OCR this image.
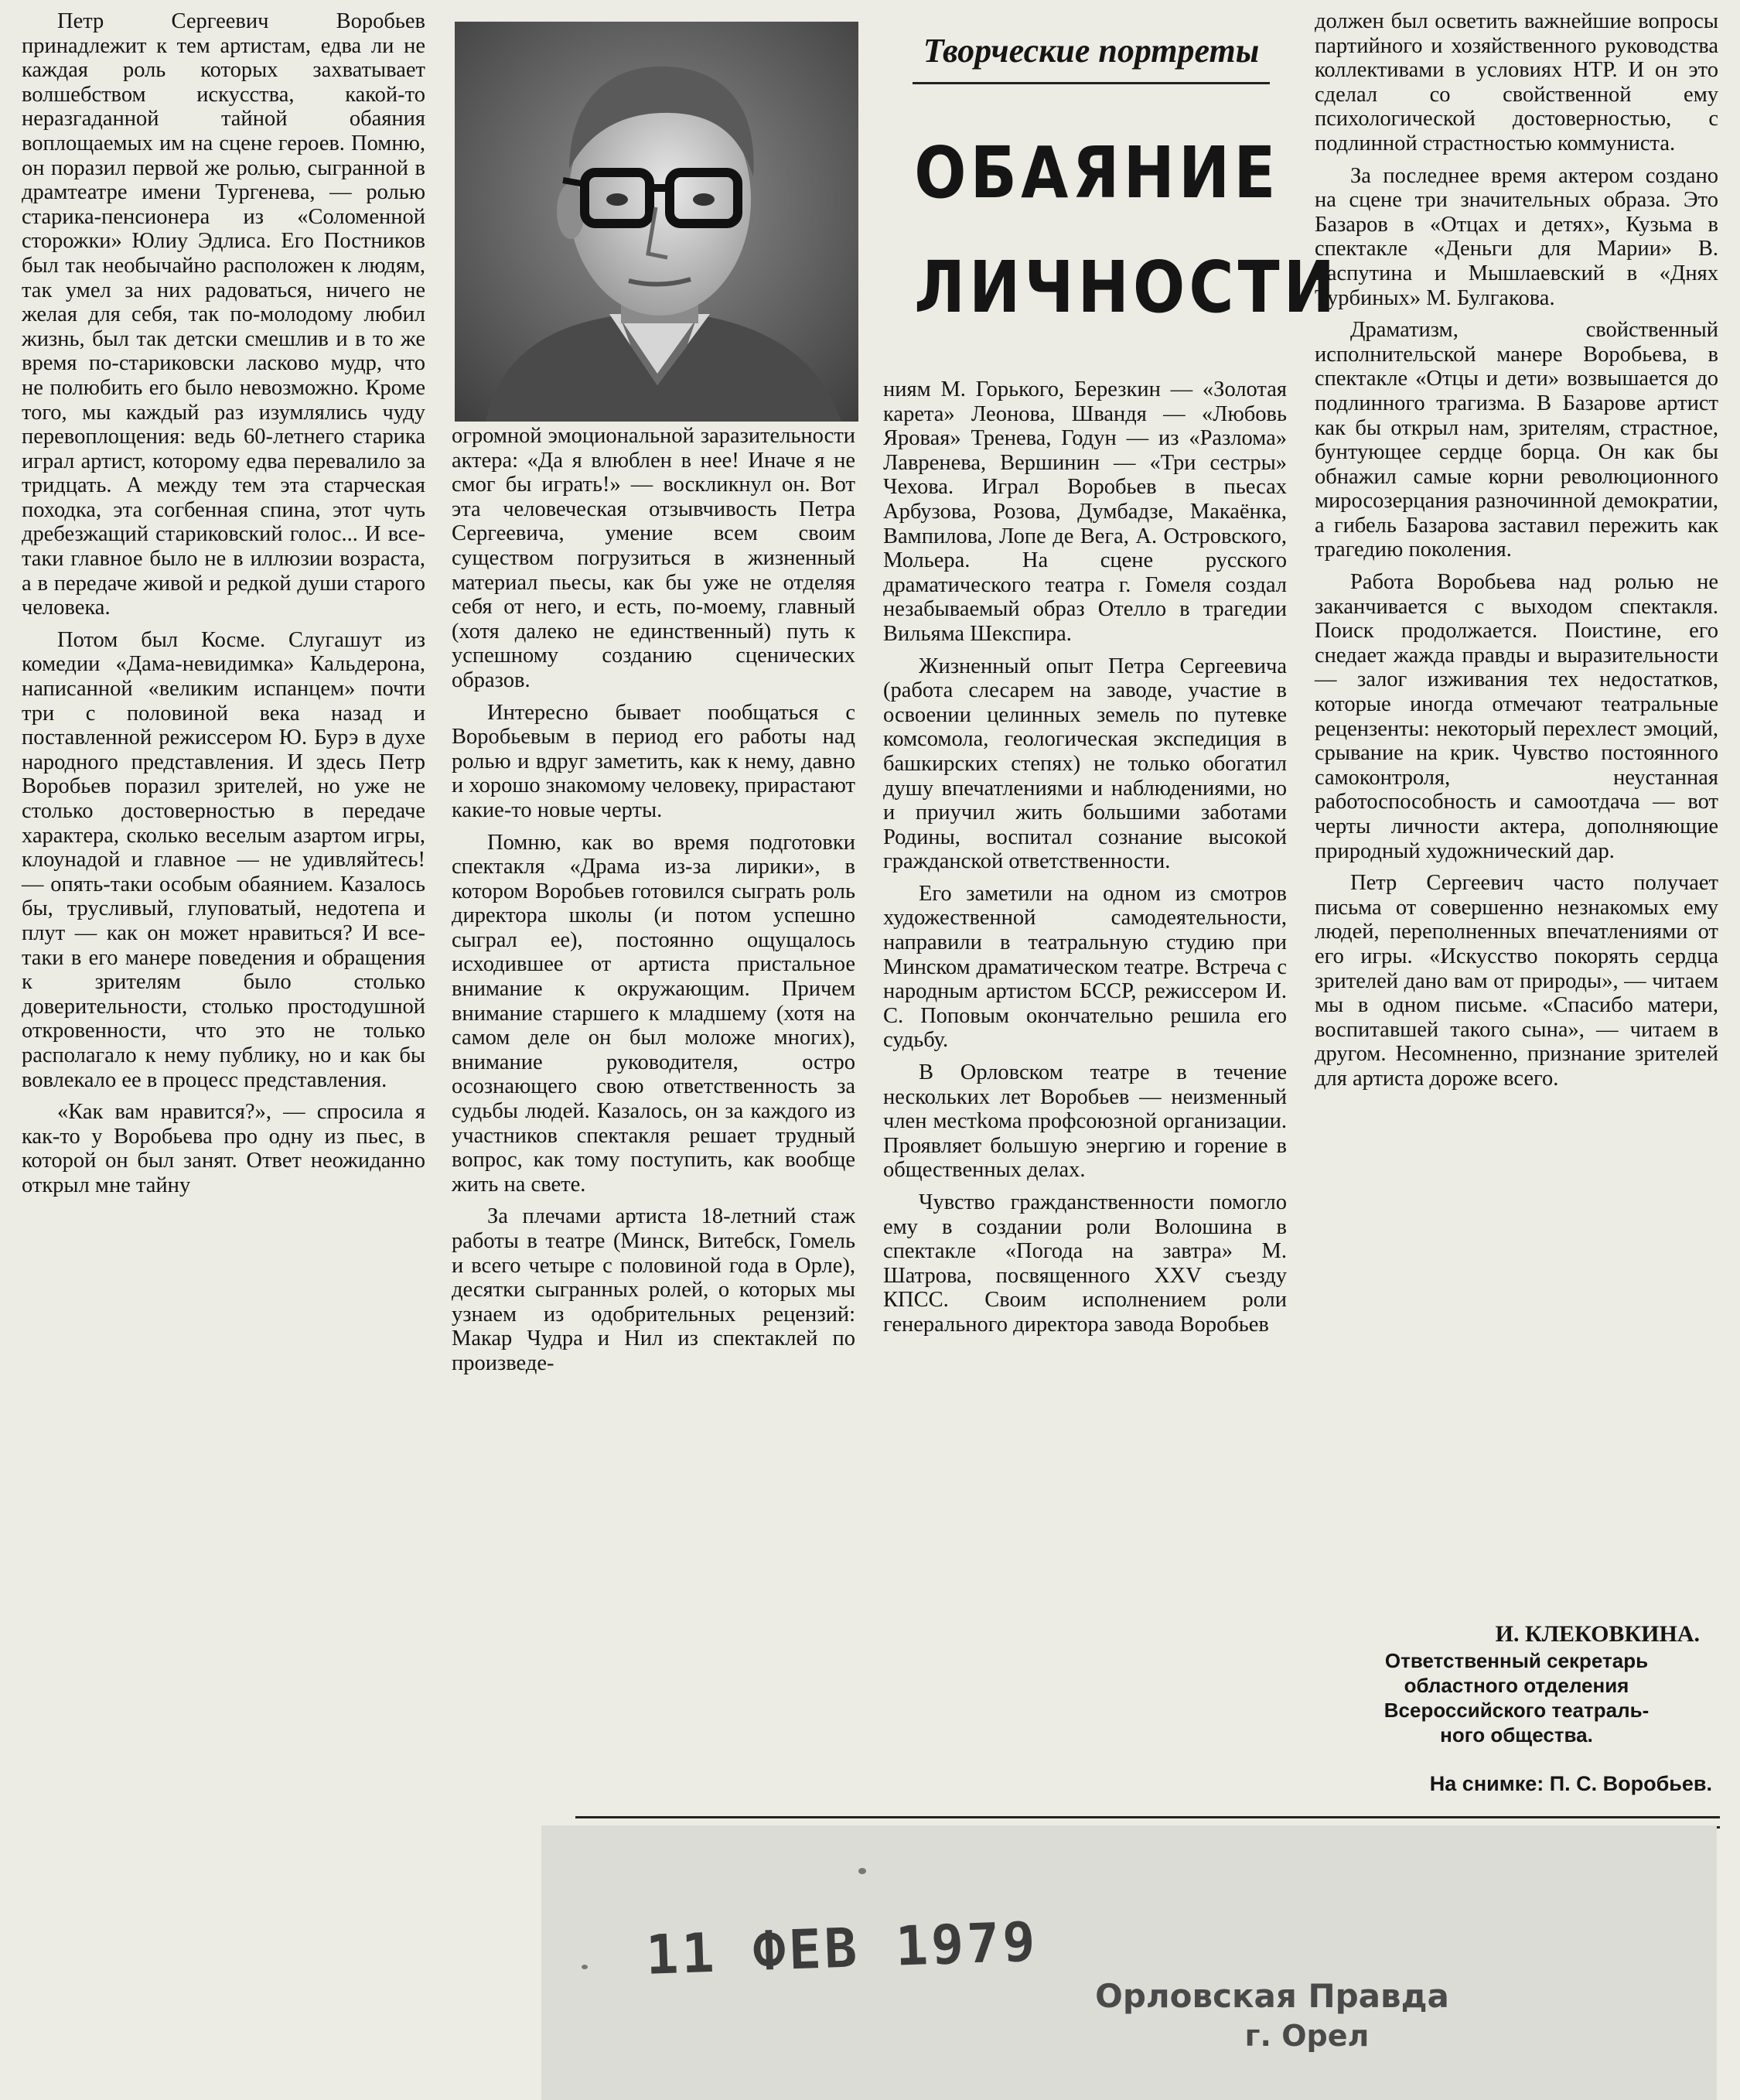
Петр Сергеевич Воробьев принадлежит к тем артистам, едва ли не каждая роль которых захватывает волшебством искусства, какой-то неразгаданной тайной обаяния воплощаемых им на сцене героев. Помню, он поразил первой же ролью, сыгранной в драмтеатре имени Тургенева, — ролью старика-пенсионера из «Соломенной сторожки» Юлиу Эдлиса. Его Постников был так необычайно расположен к людям, так умел за них радоваться, ничего не желая для себя, так по-молодому любил жизнь, был так детски смешлив и в то же время по-стариковски ласково мудр, что не полюбить его было невозможно. Кроме того, мы каждый раз изумлялись чуду перевоплощения: ведь 60-летнего старика играл артист, которому едва перевалило за тридцать. А между тем эта старческая походка, эта согбенная спина, этот чуть дребезжащий стариковский голос... И все-таки главное было не в иллюзии возраста, а в передаче живой и редкой души старого человека.

Потом был Косме. Слугашут из комедии «Дама-невидимка» Кальдерона, написанной «великим испанцем» почти три с половиной века назад и поставленной режиссером Ю. Бурэ в духе народного представления. И здесь Петр Воробьев поразил зрителей, но уже не столько достоверностью в передаче характера, сколько веселым азартом игры, клоунадой и главное — не удивляйтесь! — опять-таки особым обаянием. Казалось бы, трусливый, глуповатый, недотепа и плут — как он может нравиться? И все-таки в его манере поведения и обращения к зрителям было столько доверительности, столько простодушной откровенности, что это не только располагало к нему публику, но и как бы вовлекало ее в процесс представления.

«Как вам нравится?», — спросила я как-то у Воробьева про одну из пьес, в которой он был занят. Ответ неожиданно открыл мне тайну

Творческие портреты
ОБАЯНИЕ
ЛИЧНОСТИ

огромной эмоциональной заразительности актера: «Да я влюблен в нее! Иначе я не смог бы играть!» — воскликнул он. Вот эта человеческая отзывчивость Петра Сергеевича, умение всем своим существом погрузиться в жизненный материал пьесы, как бы уже не отделяя себя от него, и есть, по-моему, главный (хотя далеко не единственный) путь к успешному созданию сценических образов.

Интересно бывает пообщаться с Воробьевым в период его работы над ролью и вдруг заметить, как к нему, давно и хорошо знакомому человеку, прирастают какие-то новые черты.

Помню, как во время подготовки спектакля «Драма из-за лирики», в котором Воробьев готовился сыграть роль директора школы (и потом успешно сыграл ее), постоянно ощущалось исходившее от артиста пристальное внимание к окружающим. Причем внимание старшего к младшему (хотя на самом деле он был моложе многих), внимание руководителя, остро осознающего свою ответственность за судьбы людей. Казалось, он за каждого из участников спектакля решает трудный вопрос, как тому поступить, как вообще жить на свете.

За плечами артиста 18-летний стаж работы в театре (Минск, Витебск, Гомель и всего четыре с половиной года в Орле), десятки сыгранных ролей, о которых мы узнаем из одобрительных рецензий: Макар Чудра и Нил из спектаклей по произведе-

ниям М. Горького, Березкин — «Золотая карета» Леонова, Швандя — «Любовь Яровая» Тренева, Годун — из «Разлома» Лавренева, Вершинин — «Три сестры» Чехова. Играл Воробьев в пьесах Арбузова, Розова, Думбадзе, Макаёнка, Вампилова, Лопе де Вега, А. Островского, Мольера. На сцене русского драматического театра г. Гомеля создал незабываемый образ Отелло в трагедии Вильяма Шекспира.

Жизненный опыт Петра Сергеевича (работа слесарем на заводе, участие в освоении целинных земель по путевке комсомола, геологическая экспедиция в башкирских степях) не только обогатил душу впечатлениями и наблюдениями, но и приучил жить большими заботами Родины, воспитал сознание высокой гражданской ответственности.

Его заметили на одном из смотров художественной самодеятельности, направили в театральную студию при Минском драматическом театре. Встреча с народным артистом БССР, режиссером И. С. Поповым окончательно решила его судьбу.

В Орловском театре в течение нескольких лет Воробьев — неизменный член местkома профсоюзной организации. Проявляет большую энергию и горение в общественных делах.

Чувство гражданственности помогло ему в создании роли Волошина в спектакле «Погода на завтра» М. Шатрова, посвященного XXV съезду КПСС. Своим исполнением роли генерального директора завода Воробьев

должен был осветить важнейшие вопросы партийного и хозяйственного руководства коллективами в условиях НТР. И он это сделал со свойственной ему психологической достоверностью, с подлинной страстностью коммуниста.

За последнее время актером создано на сцене три значительных образа. Это Базаров в «Отцах и детях», Кузьма в спектакле «Деньги для Марии» В. Распутина и Мышлаевский в «Днях Турбиных» М. Булгакова.

Драматизм, свойственный исполнительской манере Воробьева, в спектакле «Отцы и дети» возвышается до подлинного трагизма. В Базарове артист как бы открыл нам, зрителям, страстное, бунтующее сердце борца. Он как бы обнажил самые корни революционного миросозерцания разночинной демократии, а гибель Базарова заставил пережить как трагедию поколения.

Работа Воробьева над ролью не заканчивается с выходом спектакля. Поиск продолжается. Поистине, его снедает жажда правды и выразительности — залог изживания тех недостатков, которые иногда отмечают театральные рецензенты: некоторый перехлест эмоций, срывание на крик. Чувство постоянного самоконтроля, неустанная работоспособность и самоотдача — вот черты личности актера, дополняющие природный художнический дар.

Петр Сергеевич часто получает письма от совершенно незнакомых ему людей, переполненных впечатлениями от его игры. «Искусство покорять сердца зрителей дано вам от природы», — читаем мы в одном письме. «Спасибо матери, воспитавшей такого сына», — читаем в другом. Несомненно, признание зрителей для артиста дороже всего.

И. КЛЕКОВКИНА.
Ответственный секретарь
областного отделения
Всероссийского театраль-
ного общества.
На снимке: П. С. Воробьев.
11 ФЕВ 1979
Орловская Правда
г. Орел
